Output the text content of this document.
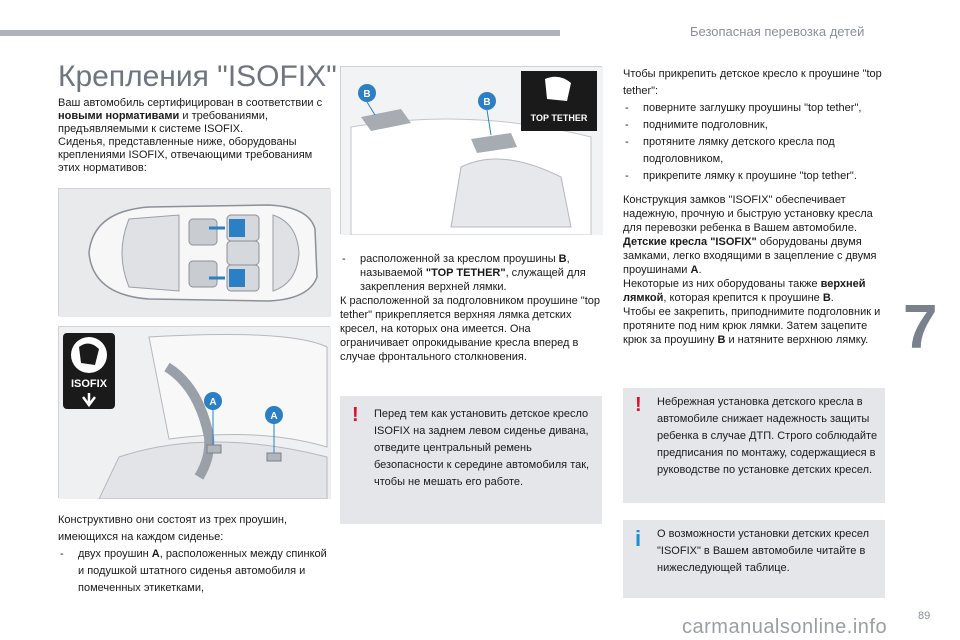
Безопасная перевозка детей
7
89
carmanualsonline.info
Крепления "ISOFIX"
Ваш автомобиль сертифицирован в соответствии с новыми нормативами и требованиями, предъявляемыми к системе ISOFIX.
Сиденья, представленные ниже, оборудованы креплениями ISOFIX, отвечающими требованиям этих нормативов:
ISOFIX
A
A
B
B
TOP TETHER
Конструктивно они состоят из трех проушин, имеющихся на каждом сиденье:
- двух проушин A, расположенных между спинкой и подушкой штатного сиденья автомобиля и помеченных этикетками,
- расположенной за креслом проушины B, называемой "TOP TETHER", служащей для закрепления верхней лямки.
К расположенной за подголовником проушине "top tether" прикрепляется верхняя лямка детских кресел, на которых она имеется. Она ограничивает опрокидывание кресла вперед в случае фронтального столкновения.
! Перед тем как установить детское кресло ISOFIX на заднем левом сиденье дивана, отведите центральный ремень безопасности к середине автомобиля так, чтобы не мешать его работе.
Чтобы прикрепить детское кресло к проушине "top tether":
- поверните заглушку проушины "top tether",
- поднимите подголовник,
- протяните лямку детского кресла под подголовником,
- прикрепите лямку к проушине "top tether".
Конструкция замков "ISOFIX" обеспечивает надежную, прочную и быструю установку кресла для перевозки ребенка в Вашем автомобиле.
Детские кресла "ISOFIX" оборудованы двумя замками, легко входящими в зацепление с двумя проушинами A.
Некоторые из них оборудованы также верхней лямкой, которая крепится к проушине B.
Чтобы ее закрепить, приподнимите подголовник и протяните под ним крюк лямки. Затем зацепите крюк за проушину B и натяните верхнюю лямку.
! Небрежная установка детского кресла в автомобиле снижает надежность защиты ребенка в случае ДТП. Строго соблюдайте предписания по монтажу, содержащиеся в руководстве по установке детских кресел.
i О возможности установки детских кресел "ISOFIX" в Вашем автомобиле читайте в нижеследующей таблице.
